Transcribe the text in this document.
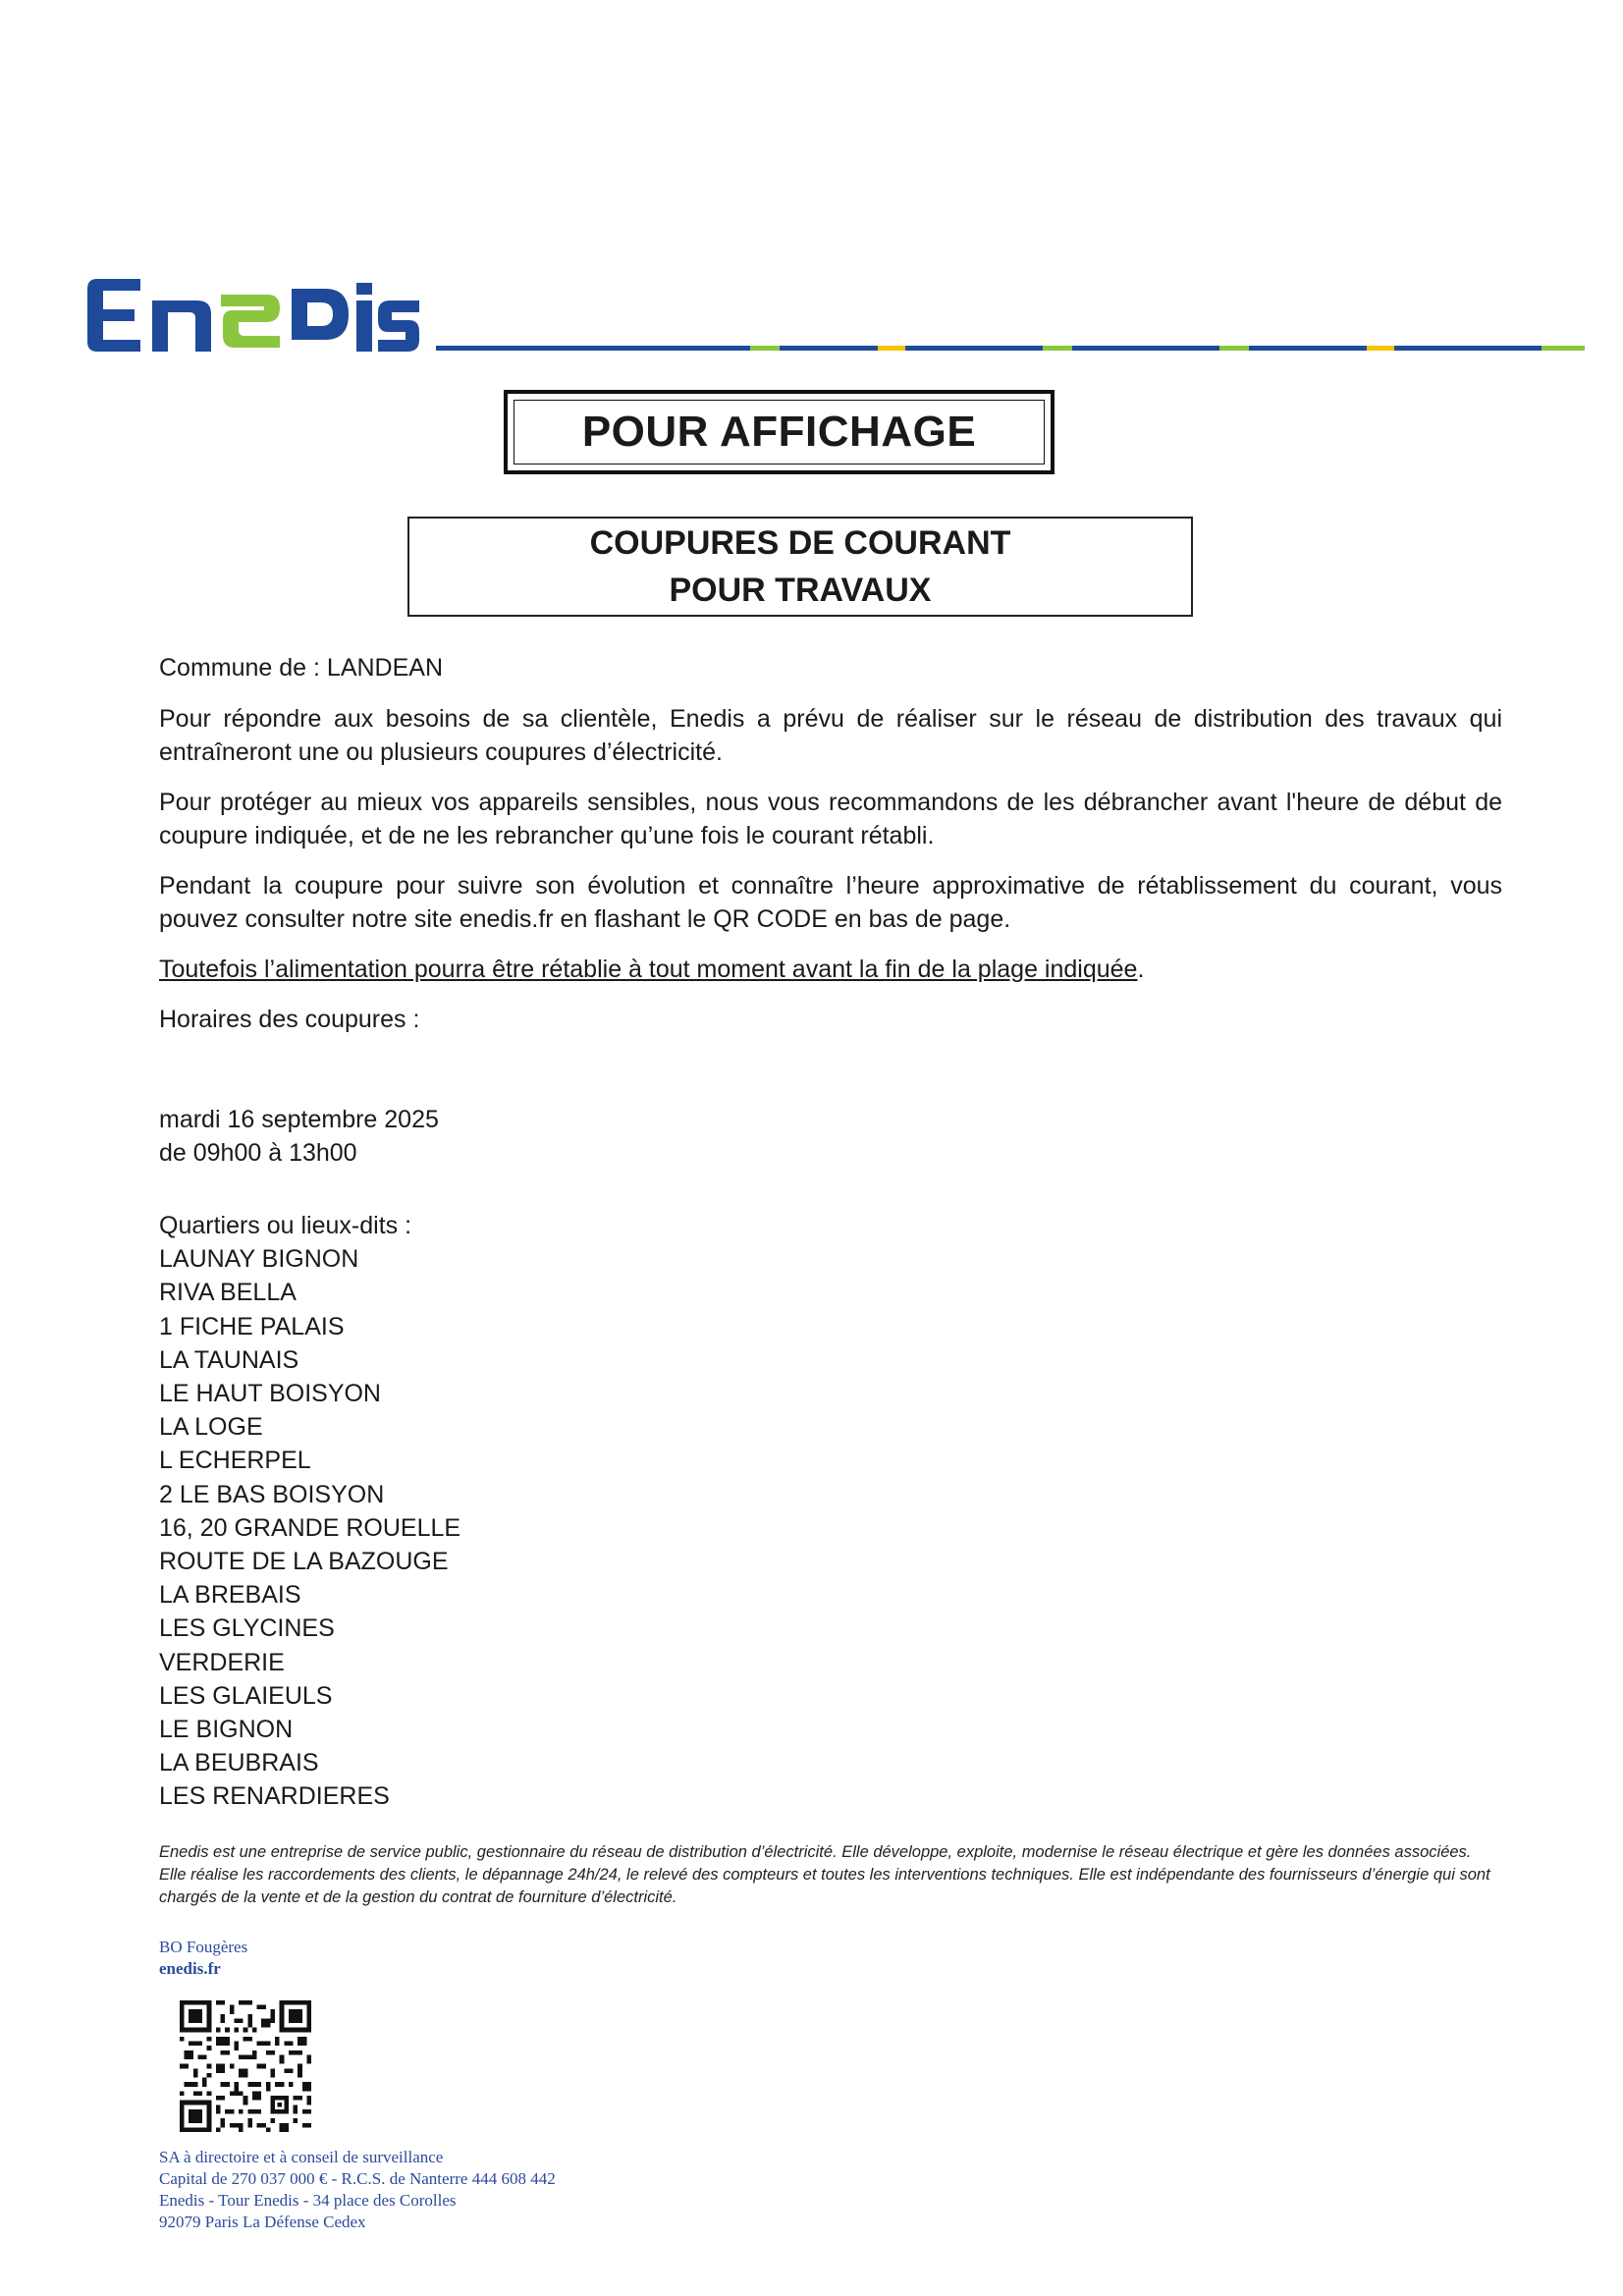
POUR AFFICHAGE
COUPURES DE COURANT
POUR TRAVAUX

Commune de : LANDEAN

Pour répondre aux besoins de sa clientèle, Enedis a prévu de réaliser sur le réseau de distribution des travaux qui entraîneront une ou plusieurs coupures d’électricité.

Pour protéger au mieux vos appareils sensibles, nous vous recommandons de les débrancher avant l'heure de début de coupure indiquée, et de ne les rebrancher qu’une fois le courant rétabli.

Pendant la coupure pour suivre son évolution et connaître l’heure approximative de rétablissement du courant, vous pouvez consulter notre site enedis.fr en flashant le QR CODE en bas de page.

Toutefois l’alimentation pourra être rétablie à tout moment avant la fin de la plage indiquée.

Horaires des coupures :

mardi 16 septembre 2025

de 09h00 à 13h00

Quartiers ou lieux-dits :
LAUNAY BIGNON
RIVA BELLA
1 FICHE PALAIS
LA TAUNAIS
LE HAUT BOISYON
LA LOGE
L ECHERPEL
2 LE BAS BOISYON
16, 20 GRANDE ROUELLE
ROUTE DE LA BAZOUGE
LA BREBAIS
LES GLYCINES
VERDERIE
LES GLAIEULS
LE BIGNON
LA BEUBRAIS
LES RENARDIERES
Enedis est une entreprise de service public, gestionnaire du réseau de distribution d’électricité. Elle développe, exploite, modernise le réseau électrique et gère les données associées. Elle réalise les raccordements des clients, le dépannage 24h/24, le relevé des compteurs et toutes les interventions techniques. Elle est indépendante des fournisseurs d’énergie qui sont chargés de la vente et de la gestion du contrat de fourniture d’électricité.
BO Fougères
enedis.fr
SA à directoire et à conseil de surveillance
Capital de 270 037 000 € - R.C.S. de Nanterre 444 608 442
Enedis - Tour Enedis - 34 place des Corolles
92079 Paris La Défense Cedex
